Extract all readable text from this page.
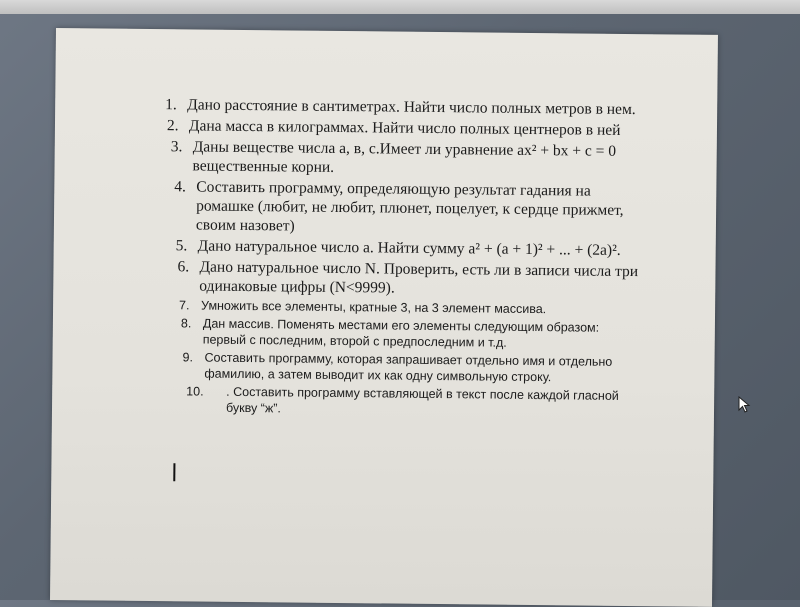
1. Дано расстояние в сантиметрах. Найти число полных метров в нем.
2. Дана масса в килограммах. Найти число полных центнеров в ней
3. Даны веществе числа а, в, с.Имеет ли уравнение ax² + bx + c = 0 вещественные корни.
4. Составить программу, определяющую результат гадания на ромашке (любит, не любит, плюнет, поцелует, к сердце прижмет, своим назовет)
5. Дано натуральное число a. Найти сумму a² + (a + 1)² + ... + (2a)².
6. Дано натуральное число N. Проверить, есть ли в записи числа три одинаковые цифры (N<9999).
7. Умножить все элементы, кратные 3, на 3 элемент массива.
8. Дан массив. Поменять местами его элементы следующим образом: первый с последним, второй с предпоследним и т.д.
9. Составить программу, которая запрашивает отдельно имя и отдельно фамилию, а затем выводит их как одну символьную строку.
10. . Составить программу вставляющей в текст после каждой гласной букву “ж”.
